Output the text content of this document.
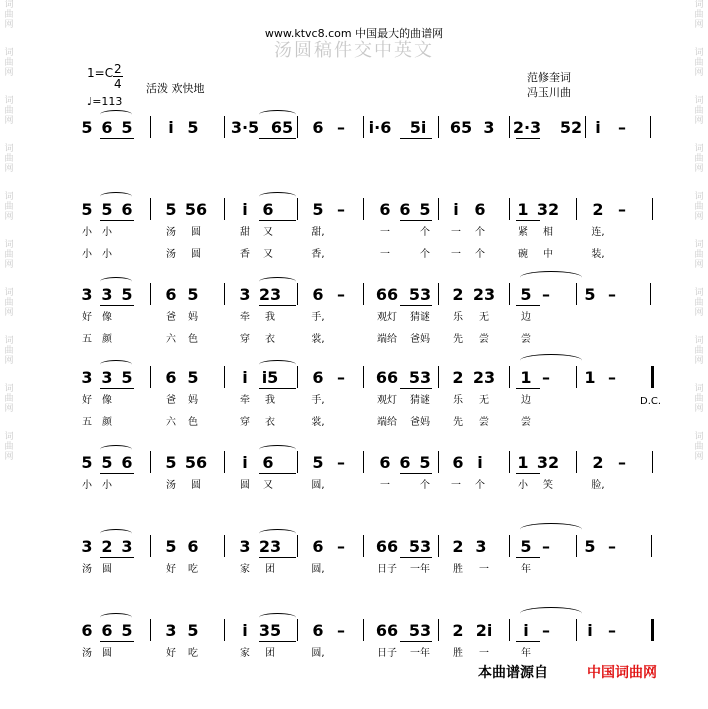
词
曲
网
词
曲
网
词
曲
网
词
曲
网
词
曲
网
词
曲
网
词
曲
网
词
曲
网
词
曲
网
词
曲
网
词
曲
网
词
曲
网
词
曲
网
词
曲
网
词
曲
网
词
曲
网
词
曲
网
词
曲
网
词
曲
网
词
曲
网
www.ktvc8.com 中国最大的曲谱网
汤圆稿件交中英文
$1=C \frac{2}{4}$ 活泼 欢快地
♩=113
范修奎词
冯玉川曲
5 6 5 i 5 3·5 65 6 – i·6 5i 65 3 2·3 52 i –
5 5 6 5 56 i 6 5 – 6 6 5 i 6 1 32 2 –
小 小	汤 圆	甜 又	甜,	一	个 一 个	紧 相	连,
小 小	汤 圆	香 又	香,	一	个 一 个	碗 中	装,
3 3 5 6 5	3 23 6 – 66 53 2 23 5 – 5 –
好 像	爸 妈	牵 我	手,	观灯 猜谜 乐 无	边
五 颜	六 色	穿 衣	裳,	端给 爸妈 先 尝	尝
3 3 5 6 5	i i5 6 – 66 53 2 23 1 – 1 –
好 像	爸 妈	牵 我	手,	观灯 猜谜 乐 无	边
五 颜	六 色	穿 衣	裳,	端给 爸妈 先 尝	尝
5 5 6 5 56 i 6 5 – 6 6 5 6 i 1 32 2 –
小 小	汤 圆	圆 又	圆,	一	个 一 个	小 笑	脸,
3 2 3 5 6	3 23 6 – 66 53 2 3 5 – 5 –
汤 圆	好 吃	家 团	圆,	日子 一年 胜 一	年
6 6 5 3 5	i 35 6 – 66 53 2 2i i – i –
汤 圆	好 吃	家 团	圆,	日子 一年 胜 一	年
D.C.
本曲谱源自	中国词曲网
